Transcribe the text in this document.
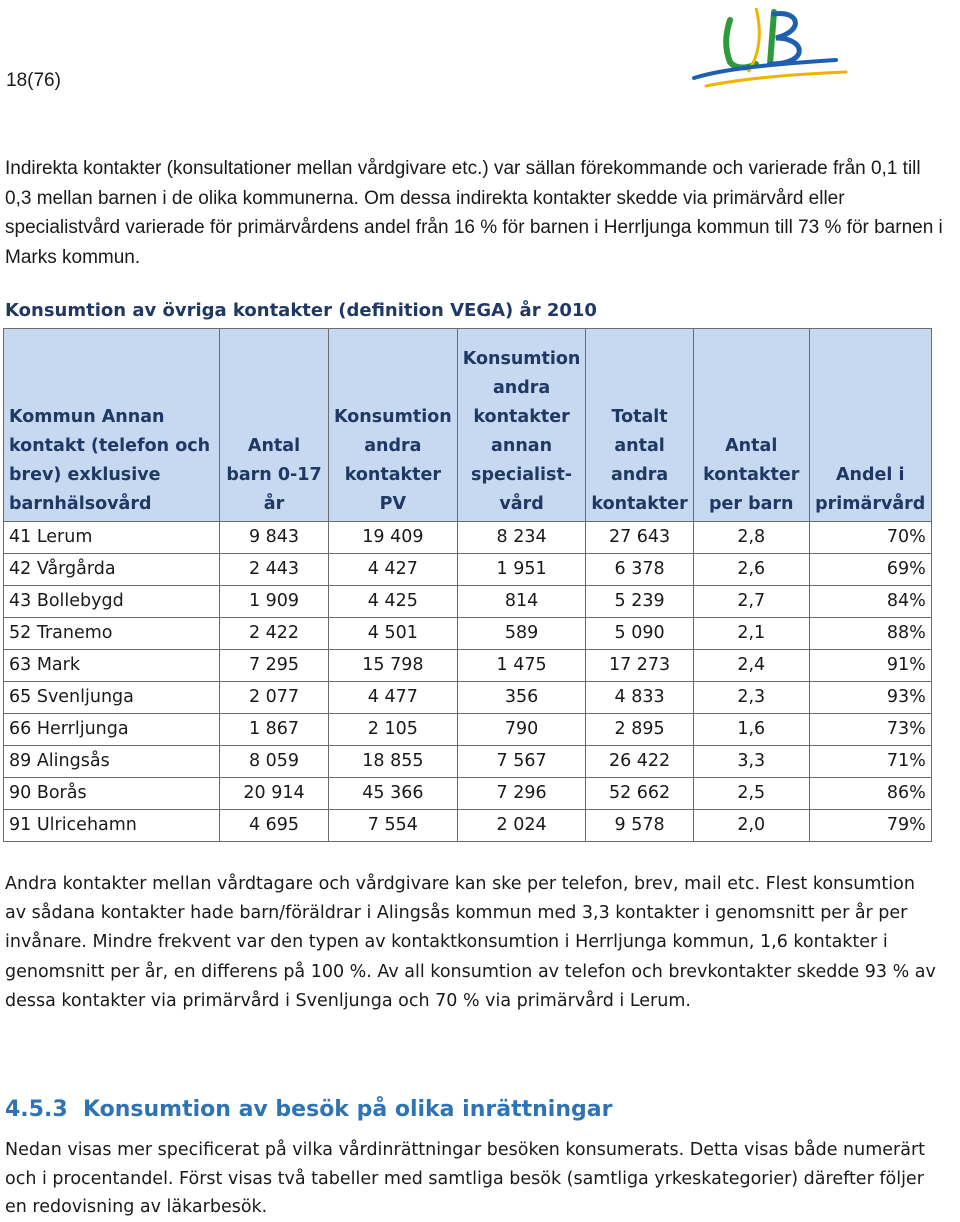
18(76)

Indirekta kontakter (konsultationer mellan vårdgivare etc.) var sällan förekommande och varierade från 0,1 till 0,3 mellan barnen i de olika kommunerna. Om dessa indirekta kontakter skedde via primärvård eller specialistvård varierade för primärvårdens andel från 16 % för barnen i Herrljunga kommun till 73 % för barnen i Marks kommun.

Konsumtion av övriga kontakter (definition VEGA) år 2010

Kommun Annan kontakt (telefon och brev) exklusive barnhälsovård	Antal barn 0-17 år	Konsumtion andra kontakter PV	Konsumtion andra kontakter annan specialist-vård	Totalt antal andra kontakter	Antal kontakter per barn	Andel i primärvård
41 Lerum	9 843	19 409	8 234	27 643	2,8	70%
42 Vårgårda	2 443	4 427	1 951	6 378	2,6	69%
43 Bollebygd	1 909	4 425	814	5 239	2,7	84%
52 Tranemo	2 422	4 501	589	5 090	2,1	88%
63 Mark	7 295	15 798	1 475	17 273	2,4	91%
65 Svenljunga	2 077	4 477	356	4 833	2,3	93%
66 Herrljunga	1 867	2 105	790	2 895	1,6	73%
89 Alingsås	8 059	18 855	7 567	26 422	3,3	71%
90 Borås	20 914	45 366	7 296	52 662	2,5	86%
91 Ulricehamn	4 695	7 554	2 024	9 578	2,0	79%

Andra kontakter mellan vårdtagare och vårdgivare kan ske per telefon, brev, mail etc. Flest konsumtion av sådana kontakter hade barn/föräldrar i Alingsås kommun med 3,3 kontakter i genomsnitt per år per invånare. Mindre frekvent var den typen av kontaktkonsumtion i Herrljunga kommun, 1,6 kontakter i genomsnitt per år, en differens på 100 %. Av all konsumtion av telefon och brevkontakter skedde 93 % av dessa kontakter via primärvård i Svenljunga och 70 % via primärvård i Lerum.

4.5.3 Konsumtion av besök på olika inrättningar

Nedan visas mer specificerat på vilka vårdinrättningar besöken konsumerats. Detta visas både numerärt och i procentandel. Först visas två tabeller med samtliga besök (samtliga yrkeskategorier) därefter följer en redovisning av läkarbesök.
